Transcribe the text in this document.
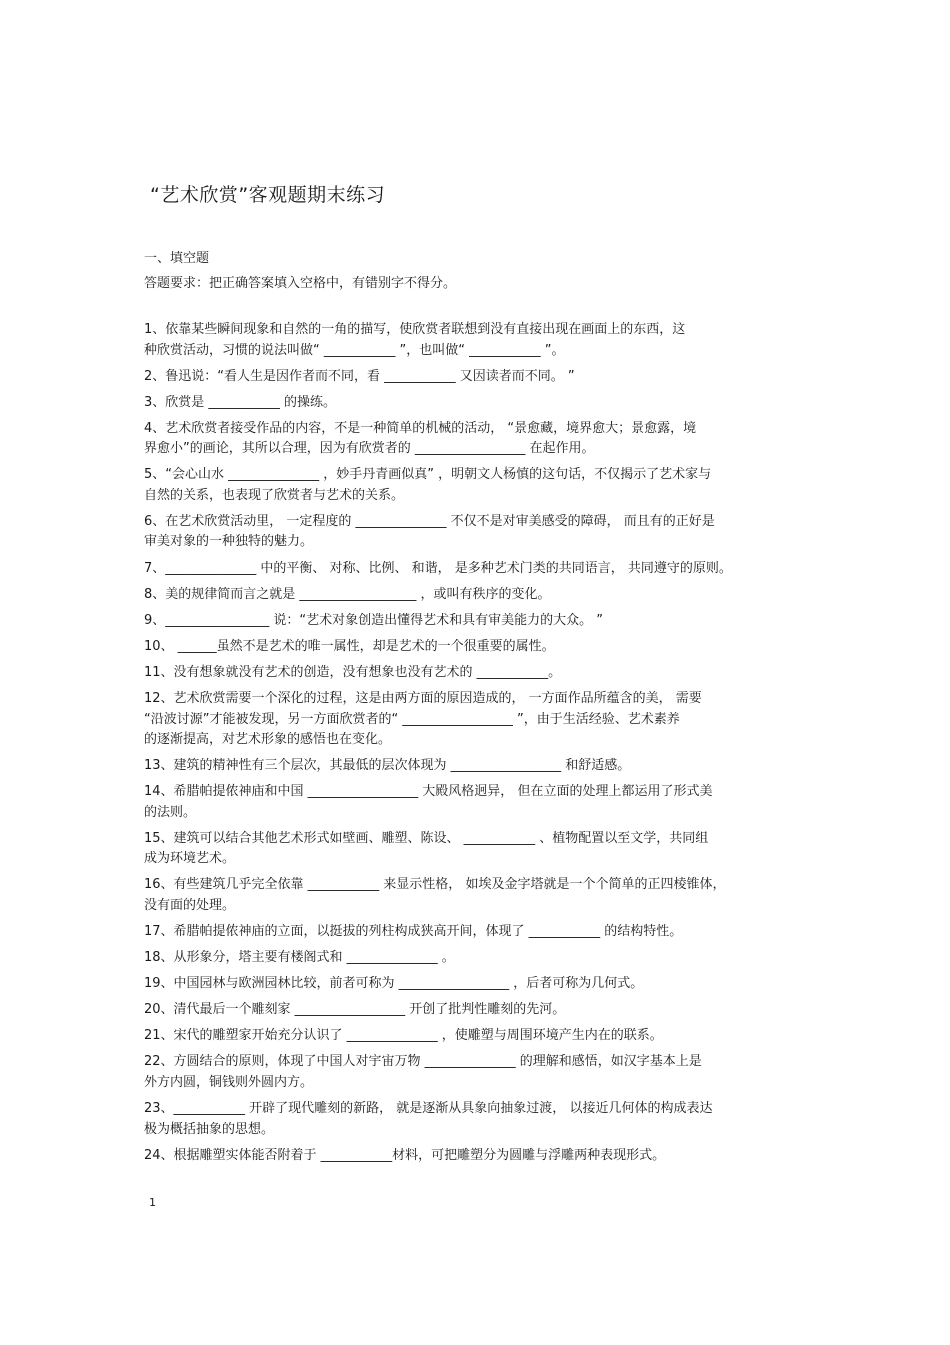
“艺术欣赏”客观题期末练习
一、填空题
答题要求：把正确答案填入空格中，有错别字不得分。
1、依靠某些瞬间现象和自然的一角的描写，使欣赏者联想到没有直接出现在画面上的东西，这
种欣赏活动，习惯的说法叫做“ ___________ ”，也叫做“ ___________ ”。
2、鲁迅说：“看人生是因作者而不同，看 ___________ 又因读者而不同。 ”
3、欣赏是 ___________ 的操练。
4、艺术欣赏者接受作品的内容，不是一种简单的机械的活动， “景愈藏，境界愈大；景愈露，境
界愈小”的画论，其所以合理，因为有欣赏者的 _________________ 在起作用。
5、“会心山水 ______________ ，妙手丹青画似真” ，明朝文人杨慎的这句话，不仅揭示了艺术家与
自然的关系，也表现了欣赏者与艺术的关系。
6、在艺术欣赏活动里， 一定程度的 ______________ 不仅不是对审美感受的障碍， 而且有的正好是
审美对象的一种独特的魅力。
7、______________ 中的平衡、 对称、比例、 和谐， 是多种艺术门类的共同语言， 共同遵守的原则。
8、美的规律简而言之就是 __________________ ，或叫有秩序的变化。
9、________________ 说：“艺术对象创造出懂得艺术和具有审美能力的大众。 ”
10、 ______虽然不是艺术的唯一属性，却是艺术的一个很重要的属性。
11、没有想象就没有艺术的创造，没有想象也没有艺术的 ___________。
12、艺术欣赏需要一个深化的过程，这是由两方面的原因造成的， 一方面作品所蕴含的美， 需要
“沿波讨源”才能被发现，另一方面欣赏者的“ _________________ ”，由于生活经验、艺术素养
的逐渐提高，对艺术形象的感悟也在变化。
13、建筑的精神性有三个层次，其最低的层次体现为 _________________ 和舒适感。
14、希腊帕提侬神庙和中国 _________________ 大殿风格迥异， 但在立面的处理上都运用了形式美
的法则。
15、建筑可以结合其他艺术形式如壁画、雕塑、陈设、 ___________ 、植物配置以至文学，共同组
成为环境艺术。
16、有些建筑几乎完全依靠 ___________ 来显示性格， 如埃及金字塔就是一个个简单的正四棱锥体，
没有面的处理。
17、希腊帕提侬神庙的立面，以挺拔的列柱构成狭高开间，体现了 ___________ 的结构特性。
18、从形象分，塔主要有楼阁式和 ______________ 。
19、中国园林与欧洲园林比较，前者可称为 _________________ ，后者可称为几何式。
20、清代最后一个雕刻家 _________________ 开创了批判性雕刻的先河。
21、宋代的雕塑家开始充分认识了 ______________ ，使雕塑与周围环境产生内在的联系。
22、方圆结合的原则，体现了中国人对宇宙万物 ______________ 的理解和感悟，如汉字基本上是
外方内圆，铜钱则外圆内方。
23、___________ 开辟了现代雕刻的新路， 就是逐渐从具象向抽象过渡， 以接近几何体的构成表达
极为概括抽象的思想。
24、根据雕塑实体能否附着于 ___________材料，可把雕塑分为圆雕与浮雕两种表现形式。
1
